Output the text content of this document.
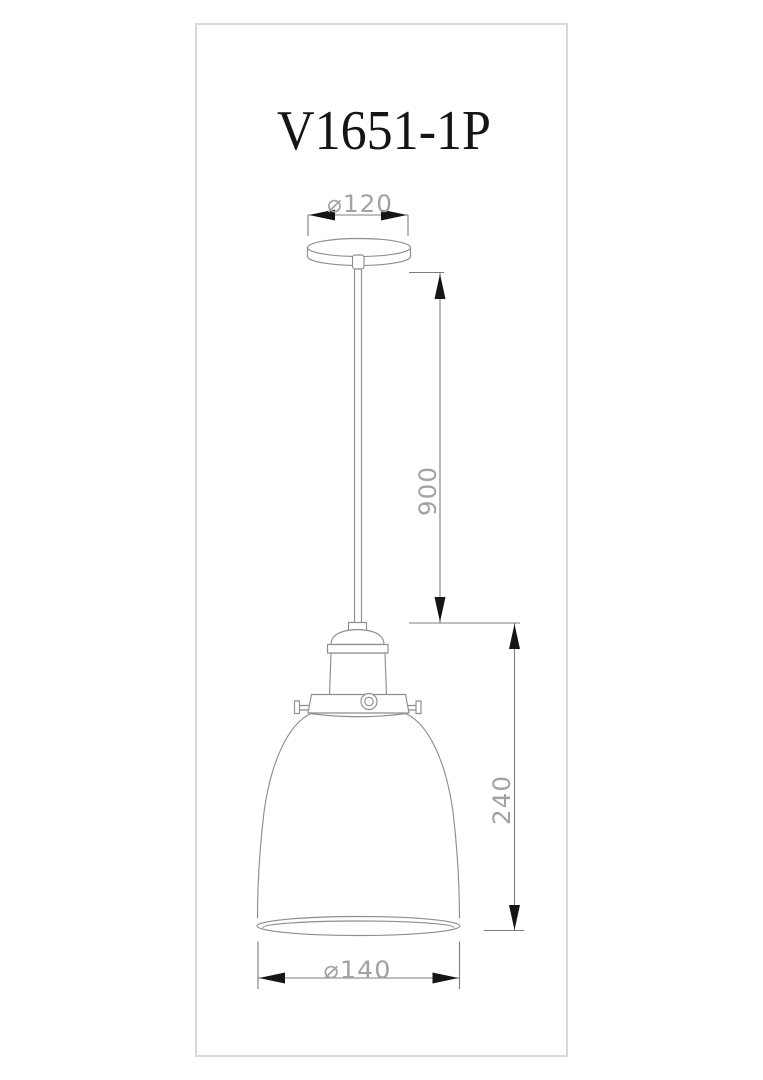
V1651-1P
⌀120
900
240
⌀140
